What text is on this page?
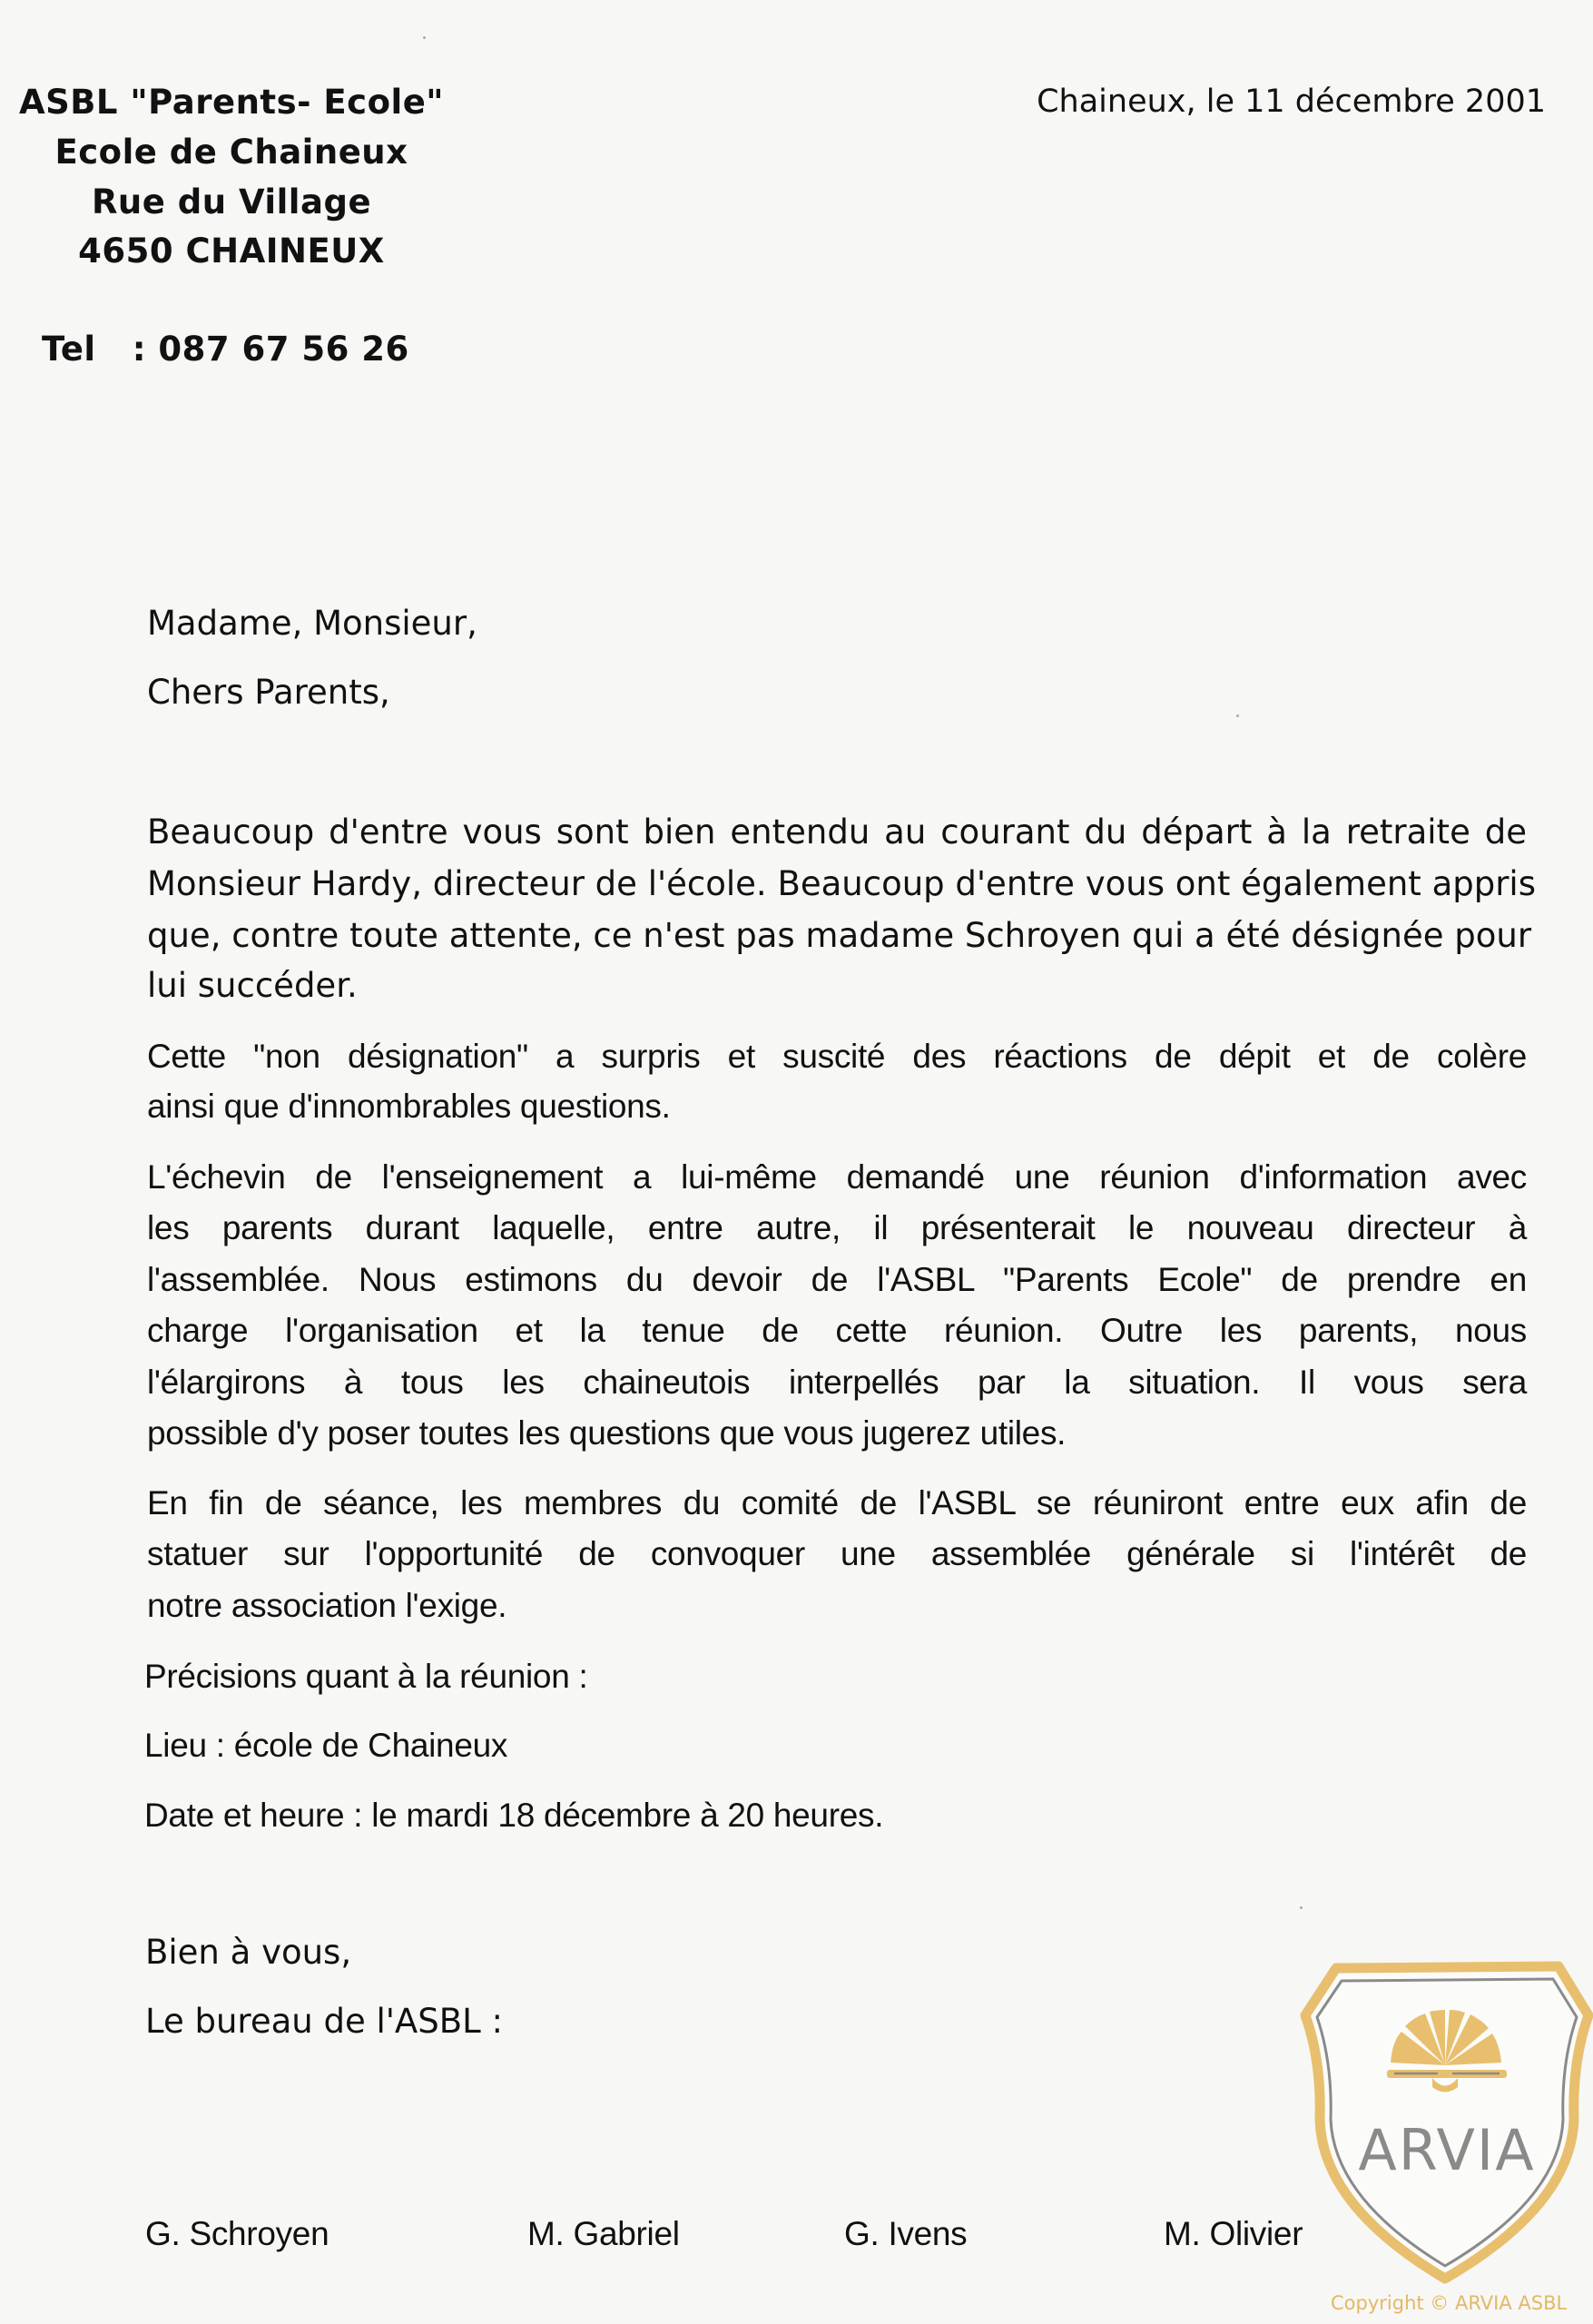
ASBL "Parents- Ecole"
Ecole de Chaineux
Rue du Village
4650 CHAINEUX
Tel   : 087 67 56 26
Chaineux, le 11 décembre 2001
Madame, Monsieur,
Chers Parents,
Beaucoup d'entre vous sont bien entendu au courant du départ à la retraite de
Monsieur Hardy, directeur de l'école. Beaucoup d'entre vous ont également appris
que, contre toute attente, ce n'est pas madame Schroyen qui a été désignée pour
lui succéder.
Cette "non désignation" a surpris et suscité des réactions de dépit et de colère
ainsi que d'innombrables questions.
L'échevin de l'enseignement a lui-même demandé une réunion d'information avec
les parents durant laquelle, entre autre, il présenterait le nouveau directeur à
l'assemblée. Nous estimons du devoir de l'ASBL "Parents Ecole" de prendre en
charge l'organisation et la tenue de cette réunion. Outre les parents, nous
l'élargirons à tous les chaineutois interpellés par la situation. Il vous sera
possible d'y poser toutes les questions que vous jugerez utiles.
En fin de séance, les membres du comité de l'ASBL se réuniront entre eux afin de
statuer sur l'opportunité de convoquer une assemblée générale si l'intérêt de
notre association l'exige.
Précisions quant à la réunion :
Lieu : école de Chaineux
Date et heure : le mardi 18 décembre à 20 heures.
Bien à vous,
Le bureau de l'ASBL :
G. Schroyen	M. Gabriel	G. Ivens	M. Olivier
ARVIA
Copyright © ARVIA ASBL
